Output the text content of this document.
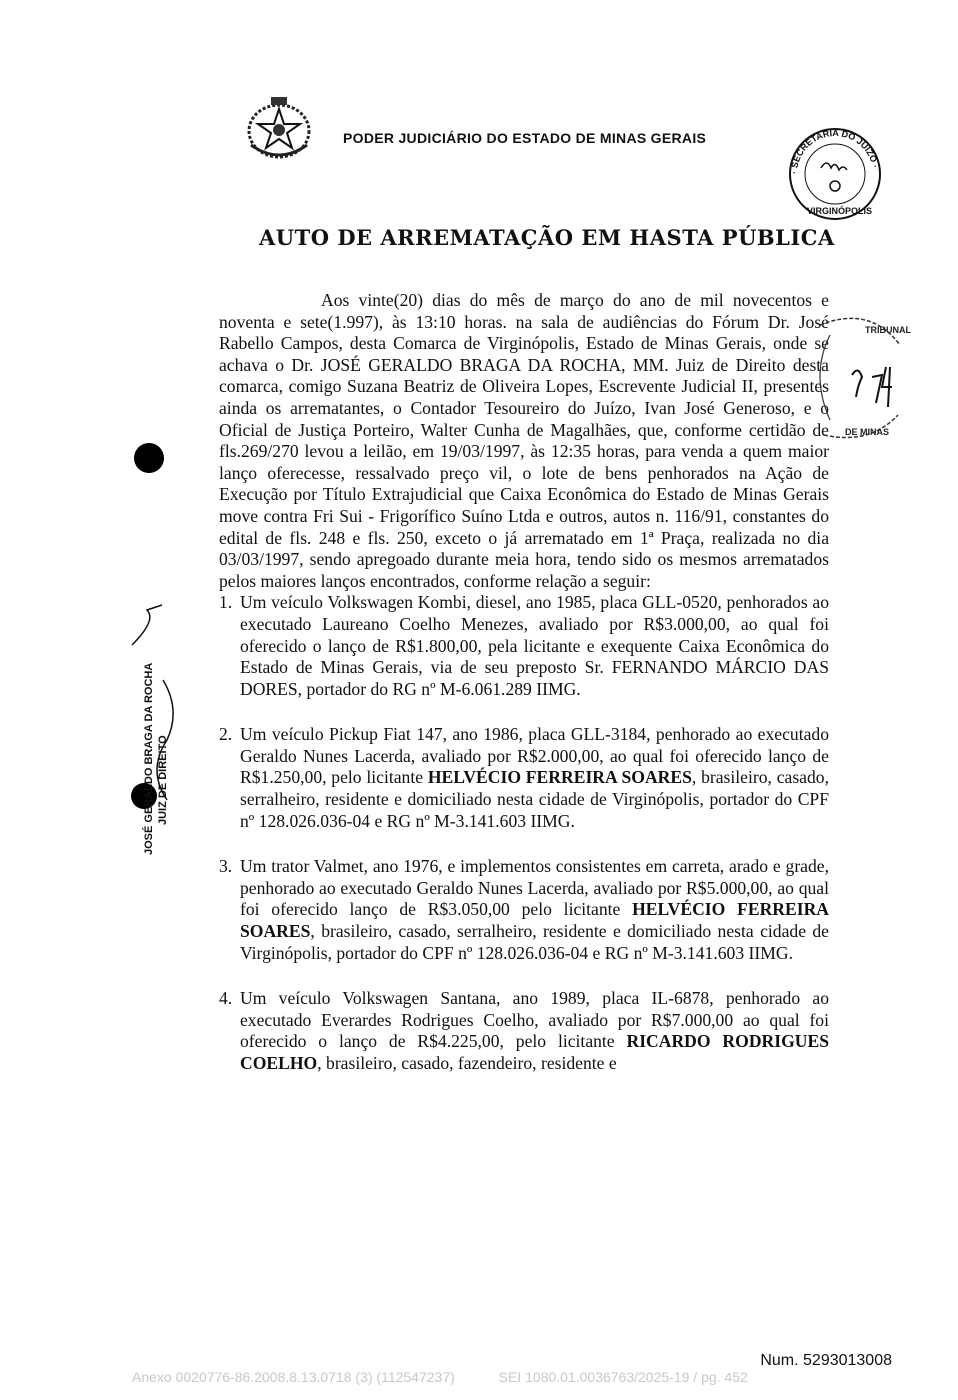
PODER JUDICIÁRIO DO ESTADO DE MINAS GERAIS
· SECRETARIA DO JUÍZO ·
VIRGINÓPOLIS
AUTO DE ARREMATAÇÃO EM HASTA PÚBLICA

Aos vinte(20) dias do mês de março do ano de mil novecentos e noventa e sete(1.997), às 13:10 horas. na sala de audiências do Fórum Dr. José Rabello Campos, desta Comarca de Virginópolis, Estado de Minas Gerais, onde se achava o Dr. JOSÉ GERALDO BRAGA DA ROCHA, MM. Juiz de Direito desta comarca, comigo Suzana Beatriz de Oliveira Lopes, Escrevente Judicial II, presentes ainda os arrematantes, o Contador Tesoureiro do Juízo, Ivan José Generoso, e o Oficial de Justiça Porteiro, Walter Cunha de Magalhães, que, conforme certidão de fls.269/270 levou a leilão, em 19/03/1997, às 12:35 horas, para venda a quem maior lanço oferecesse, ressalvado preço vil, o lote de bens penhorados na Ação de Execução por Título Extrajudicial que Caixa Econômica do Estado de Minas Gerais move contra Fri Sui - Frigorífico Suíno Ltda e outros, autos n. 116/91, constantes do edital de fls. 248 e fls. 250, exceto o já arrematado em 1ª Praça, realizada no dia 03/03/1997, sendo apregoado durante meia hora, tendo sido os mesmos arrematados pelos maiores lanços encontrados, conforme relação a seguir:

1. Um veículo Volkswagen Kombi, diesel, ano 1985, placa GLL-0520, penhorados ao executado Laureano Coelho Menezes, avaliado por R$3.000,00, ao qual foi oferecido o lanço de R$1.800,00, pela licitante e exequente Caixa Econômica do Estado de Minas Gerais, via de seu preposto Sr. FERNANDO MÁRCIO DAS DORES, portador do RG nº M-6.061.289 IIMG.
2. Um veículo Pickup Fiat 147, ano 1986, placa GLL-3184, penhorado ao executado Geraldo Nunes Lacerda, avaliado por R$2.000,00, ao qual foi oferecido lanço de R$1.250,00, pelo licitante HELVÉCIO FERREIRA SOARES, brasileiro, casado, serralheiro, residente e domiciliado nesta cidade de Virginópolis, portador do CPF nº 128.026.036-04 e RG nº M-3.141.603 IIMG.
3. Um trator Valmet, ano 1976, e implementos consistentes em carreta, arado e grade, penhorado ao executado Geraldo Nunes Lacerda, avaliado por R$5.000,00, ao qual foi oferecido lanço de R$3.050,00 pelo licitante HELVÉCIO FERREIRA SOARES, brasileiro, casado, serralheiro, residente e domiciliado nesta cidade de Virginópolis, portador do CPF nº 128.026.036-04 e RG nº M-3.141.603 IIMG.
4. Um veículo Volkswagen Santana, ano 1989, placa IL-6878, penhorado ao executado Everardes Rodrigues Coelho, avaliado por R$7.000,00 ao qual foi oferecido o lanço de R$4.225,00, pelo licitante RICARDO RODRIGUES COELHO, brasileiro, casado, fazendeiro, residente e
TRIBUNAL
DE MINAS
JOSÉ GERALDO BRAGA DA ROCHA JUIZ DE DIREITO
Num. 5293013008
Anexo 0020776-86.2008.8.13.0718 (3) (112547237)	SEI 1080.01.0036763/2025-19 / pg. 452
